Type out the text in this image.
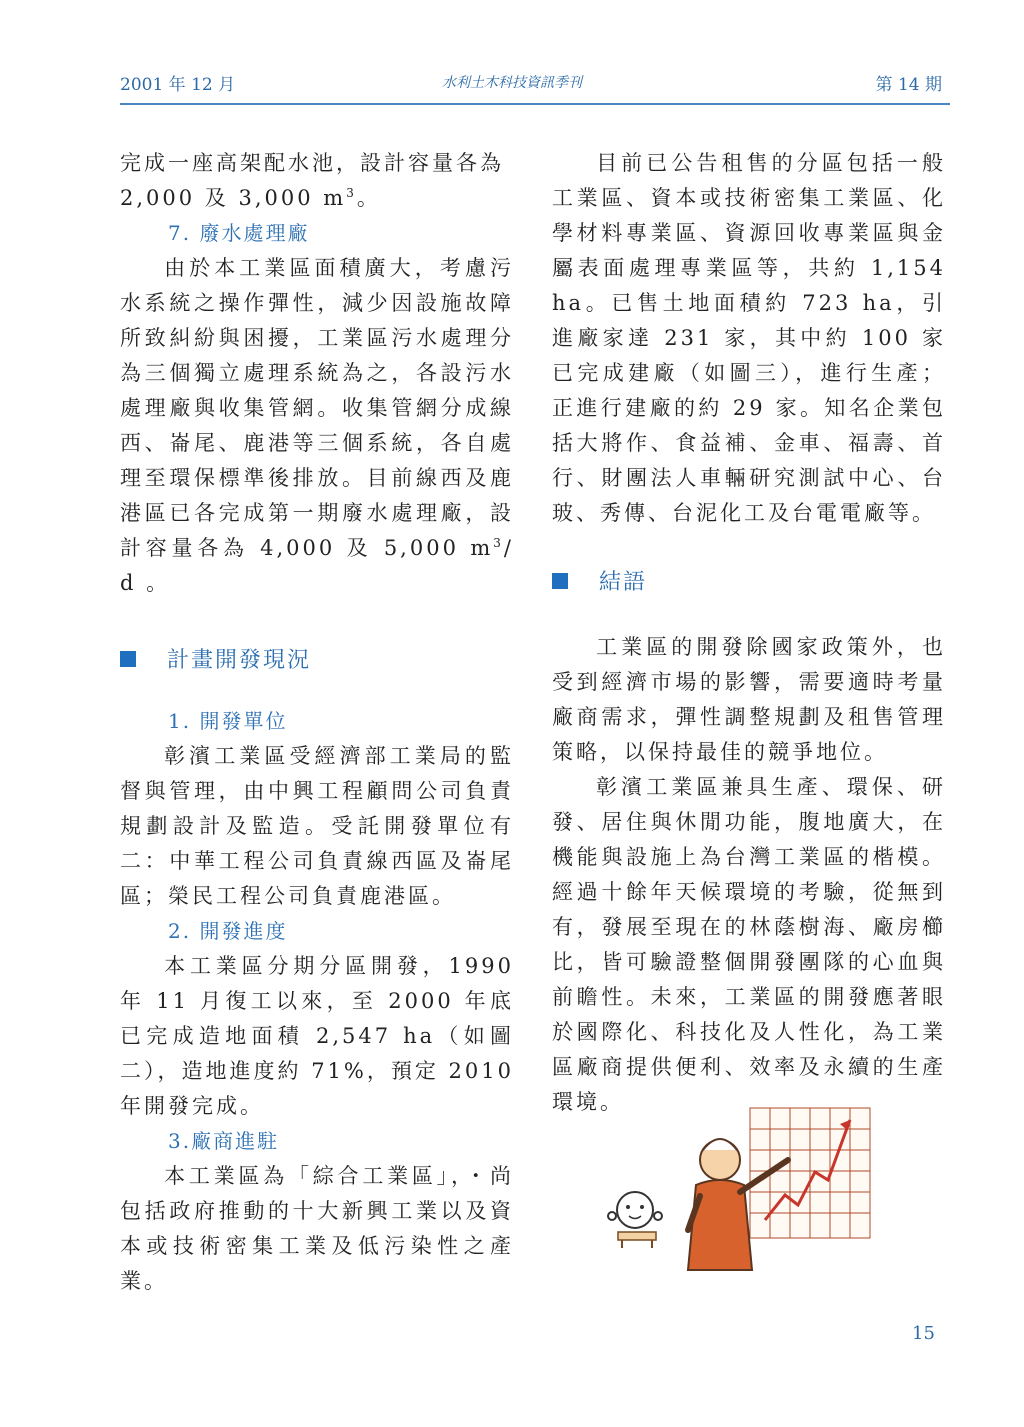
2001 年 12 月	水利土木科技資訊季刊	第 14 期

完成一座高架配水池，設計容量各為

2,000 及 3,000 $m^3$。

7. 廢水處理廠

由於本工業區面積廣大，考慮污水系統之操作彈性，減少因設施故障所致糾紛與困擾，工業區污水處理分為三個獨立處理系統為之，各設污水處理廠與收集管網。收集管網分成線西、崙尾、鹿港等三個系統，各自處理至環保標準後排放。目前線西及鹿港區已各完成第一期廢水處理廠，設計容量各為 4,000 及 5,000 $m^3/$ d 。

計畫開發現況

1. 開發單位

彰濱工業區受經濟部工業局的監督與管理，由中興工程顧問公司負責規劃設計及監造。受託開發單位有二：中華工程公司負責線西區及崙尾區；榮民工程公司負責鹿港區。

2. 開發進度

本工業區分期分區開發，1990 年 11 月復工以來，至 2000 年底已完成造地面積 2,547 ha（如圖二），造地進度約 71%，預定 2010 年開發完成。

3.廠商進駐

本工業區為「綜合工業區」，・尚包括政府推動的十大新興工業以及資本或技術密集工業及低污染性之產業。

目前已公告租售的分區包括一般工業區、資本或技術密集工業區、化學材料專業區、資源回收專業區與金屬表面處理專業區等，共約 1,154 ha。已售土地面積約 723 ha，引進廠家達 231 家，其中約 100 家已完成建廠（如圖三），進行生產；正進行建廠的約 29 家。知名企業包括大將作、食益補、金車、福壽、首行、財團法人車輛研究測試中心、台玻、秀傳、台泥化工及台電電廠等。

結語

工業區的開發除國家政策外，也受到經濟市場的影響，需要適時考量廠商需求，彈性調整規劃及租售管理策略，以保持最佳的競爭地位。

彰濱工業區兼具生產、環保、研發、居住與休閒功能，腹地廣大，在機能與設施上為台灣工業區的楷模。經過十餘年天候環境的考驗，從無到有，發展至現在的林蔭樹海、廠房櫛比，皆可驗證整個開發團隊的心血與前瞻性。未來，工業區的開發應著眼於國際化、科技化及人性化，為工業區廠商提供便利、效率及永續的生產環境。

15
